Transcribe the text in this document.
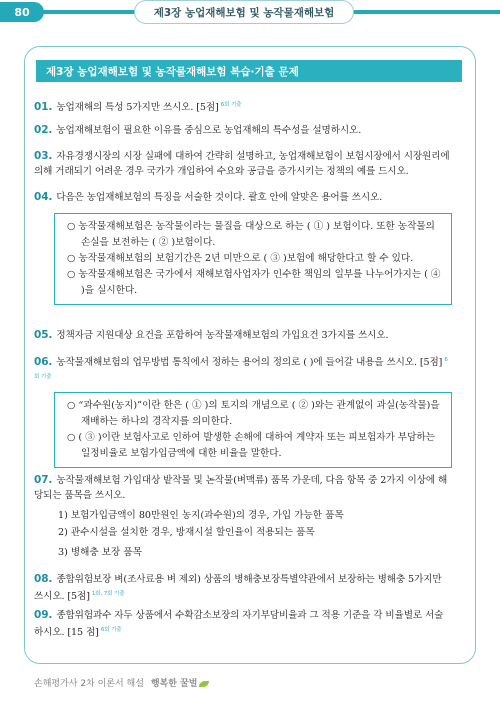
80	제3장 농업재해보험 및 농작물재해보험
제3장 농업재해보험 및 농작물재해보험 복습·기출 문제
01. 농업재해의 특성 5가지만 쓰시오. [5점] $^{6회 기출}$
02. 농업재해보험이 필요한 이유를 중심으로 농업재해의 특수성을 설명하시오.
03. 자유경쟁시장의 시장 실패에 대하여 간략히 설명하고, 농업재해보험이 보험시장에서 시장원리에 의해 거래되기 어려운 경우 국가가 개입하여 수요와 공급을 증가시키는 정책의 예를 드시오.
04. 다음은 농업재해보험의 특징을 서술한 것이다. 괄호 안에 알맞은 용어를 쓰시오.
○ 농작물재해보험은 농작물이라는 물질을 대상으로 하는 ( ① ) 보험이다. 또한 농작물의 손실을 보전하는 ( ② )보험이다.
○ 농작물재해보험의 보험기간은 2년 미만으로 ( ③ )보험에 해당한다고 할 수 있다.
○ 농작물재해보험은 국가에서 재해보험사업자가 인수한 책임의 일부를 나누어가지는 ( ④ )을 실시한다.
05. 정책자금 지원대상 요건을 포함하여 농작물재해보험의 가입요건 3가지를 쓰시오.
06. 농작물재해보험의 업무방법 통칙에서 정하는 용어의 정의로 ( )에 들어갈 내용을 쓰시오. [5점] $^{6회 기출}$
○ “과수원(농지)”이란 한은 ( ① )의 토지의 개념으로 ( ② )와는 관계없이 과실(농작물)을 재배하는 하나의 경작지를 의미한다.
○ ( ③ )이란 보험사고로 인하여 발생한 손해에 대하여 계약자 또는 피보험자가 부담하는 일정비율로 보험가입금액에 대한 비율을 말한다.
07. 농작물재해보험 가입대상 밭작물 및 논작물(벼맥류) 품목 가운데, 다음 항목 중 2가지 이상에 해당되는 품목을 쓰시오.
1) 보험가입금액이 80만원인 농지(과수원)의 경우, 가입 가능한 품목
2) 관수시설을 설치한 경우, 방재시설 할인율이 적용되는 품목
3) 병해충 보장 품목
08. 종합위험보장 벼(조사료용 벼 제외) 상품의 병해충보장특별약관에서 보장하는 병해충 5가지만 쓰시오. [5점] $^{1회, 7회 기출}$
09. 종합위험과수 자두 상품에서 수확감소보장의 자기부담비율과 그 적용 기준을 각 비율별로 서술하시오. [15 점] $^{6회 기출}$
손해평가사 2차 이론서 해설 행복한 꿀벌
